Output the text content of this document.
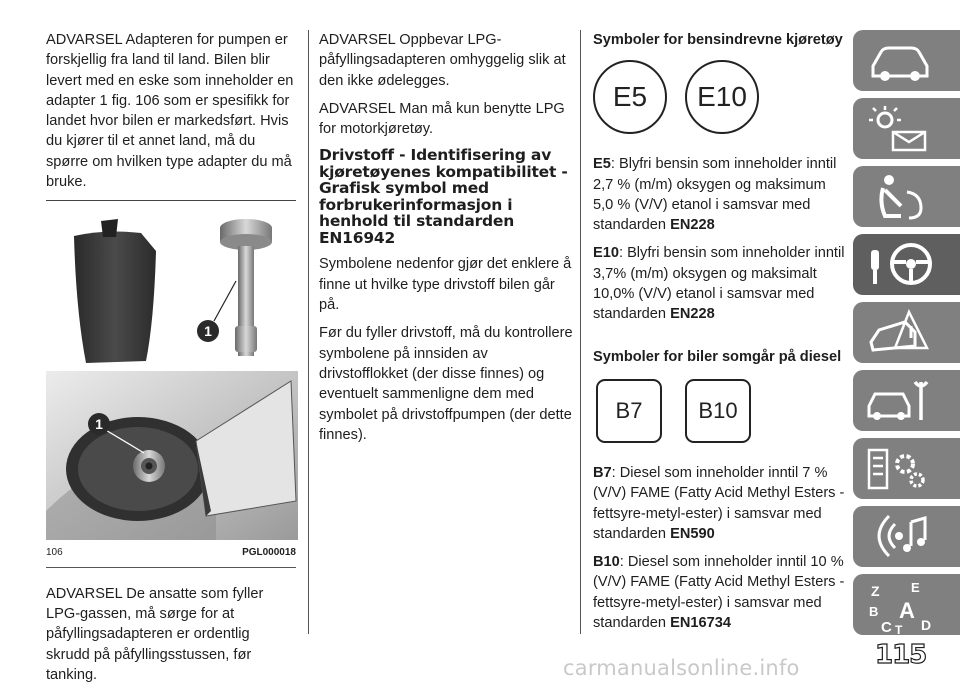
ADVARSEL Adapteren for pumpen er forskjellig fra land til land. Bilen blir levert med en eske som inneholder en adapter 1 fig. 106 som er spesifikk for landet hvor bilen er markedsført. Hvis du kjører til et annet land, må du spørre om hvilken type adapter du må bruke.

1
1
106	PGL000018

ADVARSEL De ansatte som fyller LPG-gassen, må sørge for at påfyllingsadapteren er ordentlig skrudd på påfyllingsstussen, før tanking.

ADVARSEL Oppbevar LPG-påfyllingsadapteren omhyggelig slik at den ikke ødelegges.

ADVARSEL Man må kun benytte LPG for motorkjøretøy.

Drivstoff - Identifisering av kjøretøyenes kompatibilitet - Grafisk symbol med forbrukerinformasjon i henhold til standarden EN16942

Symbolene nedenfor gjør det enklere å finne ut hvilke type drivstoff bilen går på.

Før du fyller drivstoff, må du kontrollere symbolene på innsiden av drivstofflokket (der disse finnes) og eventuelt sammenligne dem med symbolet på drivstoffpumpen (der dette finnes).

Symboler for bensindrevne kjøretøy
E5	E10

E5: Blyfri bensin som inneholder inntil 2,7 % (m/m) oksygen og maksimum 5,0 % (V/V) etanol i samsvar med standarden EN228

E10: Blyfri bensin som inneholder inntil 3,7% (m/m) oksygen og maksimalt 10,0% (V/V) etanol i samsvar med standarden EN228

Symboler for biler somgår på diesel
B7	B10

B7: Diesel som inneholder inntil 7 % (V/V) FAME (Fatty Acid Methyl Esters - fettsyre-metyl-ester) i samsvar med standarden EN590

B10: Diesel som inneholder inntil 10 % (V/V) FAME (Fatty Acid Methyl Esters - fettsyre-metyl-ester) i samsvar med standarden EN16734

Z E
B A
C T D
115
carmanualsonline.info
